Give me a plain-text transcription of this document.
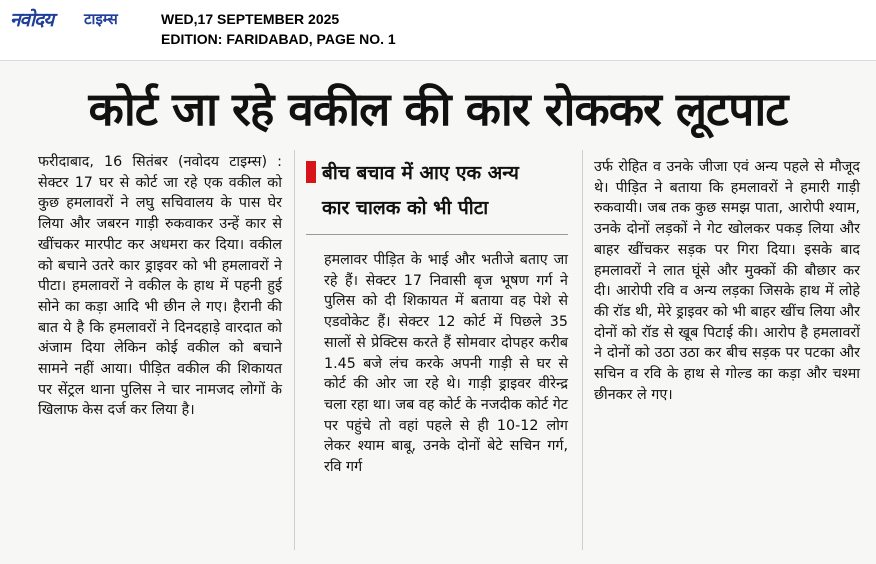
नवोदय टाइम्स	WED,17 SEPTEMBER 2025
EDITION: FARIDABAD, PAGE NO. 1
कोर्ट जा रहे वकील की कार रोककर लूटपाट

फरीदाबाद, 16 सितंबर (नवोदय टाइम्स) : सेक्टर 17 घर से कोर्ट जा रहे एक वकील को कुछ हमलावरों ने लघु सचिवालय के पास घेर लिया और जबरन गाड़ी रुकवाकर उन्हें कार से खींचकर मारपीट कर अधमरा कर दिया। वकील को बचाने उतरे कार ड्राइवर को भी हमलावरों ने पीटा। हमलावरों ने वकील के हाथ में पहनी हुई सोने का कड़ा आदि भी छीन ले गए। हैरानी की बात ये है कि हमलावरों ने दिनदहाड़े वारदात को अंजाम दिया लेकिन कोई वकील को बचाने सामने नहीं आया। पीड़ित वकील की शिकायत पर सेंट्रल थाना पुलिस ने चार नामजद लोगों के खिलाफ केस दर्ज कर लिया है।

बीच बचाव में आए एक अन्य
कार चालक को भी पीटा

हमलावर पीड़ित के भाई और भतीजे बताए जा रहे हैं। सेक्टर 17 निवासी बृज भूषण गर्ग ने पुलिस को दी शिकायत में बताया वह पेशे से एडवोकेट हैं। सेक्टर 12 कोर्ट में पिछले 35 सालों से प्रेक्टिस करते हैं सोमवार दोपहर करीब 1.45 बजे लंच करके अपनी गाड़ी से घर से कोर्ट की ओर जा रहे थे। गाड़ी ड्राइवर वीरेन्द्र चला रहा था। जब वह कोर्ट के नजदीक कोर्ट गेट पर पहुंचे तो वहां पहले से ही 10-12 लोग लेकर श्याम बाबू, उनके दोनों बेटे सचिन गर्ग, रवि गर्ग

उर्फ रोहित व उनके जीजा एवं अन्य पहले से मौजूद थे। पीड़ित ने बताया कि हमलावरों ने हमारी गाड़ी रुकवायी। जब तक कुछ समझ पाता, आरोपी श्याम, उनके दोनों लड़कों ने गेट खोलकर पकड़ लिया और बाहर खींचकर सड़क पर गिरा दिया। इसके बाद हमलावरों ने लात घूंसे और मुक्कों की बौछार कर दी। आरोपी रवि व अन्य लड़का जिसके हाथ में लोहे की रॉड थी, मेरे ड्राइवर को भी बाहर खींच लिया और दोनों को रॉड से खूब पिटाई की। आरोप है हमलावरों ने दोनों को उठा उठा कर बीच सड़क पर पटका और सचिन व रवि के हाथ से गोल्ड का कड़ा और चश्मा छीनकर ले गए।
